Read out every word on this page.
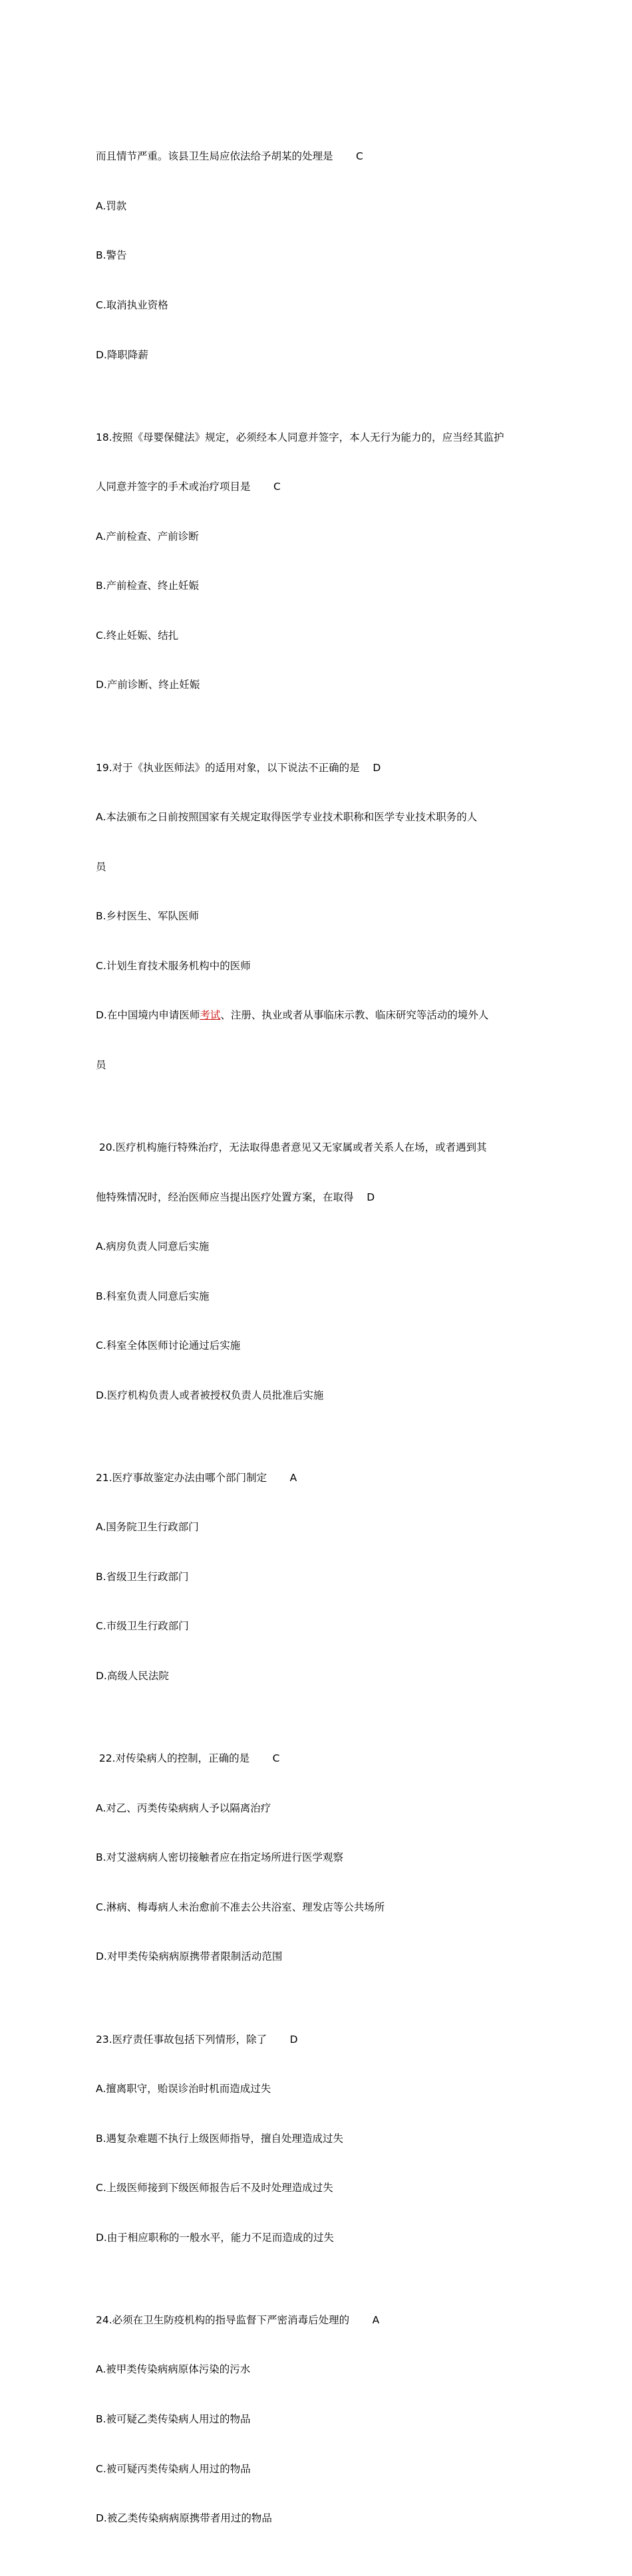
而且情节严重。该县卫生局应依法给予胡某的处理是 C

A.罚款

B.警告

C.取消执业资格

D.降职降薪

18.按照《母婴保健法》规定，必须经本人同意并签字，本人无行为能力的，应当经其监护

人同意并签字的手术或治疗项目是 C

A.产前检查、产前诊断

B.产前检查、终止妊娠

C.终止妊娠、结扎

D.产前诊断、终止妊娠

19.对于《执业医师法》的适用对象，以下说法不正确的是 D

A.本法颁布之日前按照国家有关规定取得医学专业技术职称和医学专业技术职务的人

员

B.乡村医生、军队医师

C.计划生育技术服务机构中的医师

D.在中国境内申请医师考试、注册、执业或者从事临床示教、临床研究等活动的境外人

员

20.医疗机构施行特殊治疗，无法取得患者意见又无家属或者关系人在场，或者遇到其

他特殊情况时，经治医师应当提出医疗处置方案，在取得 D

A.病房负责人同意后实施

B.科室负责人同意后实施

C.科室全体医师讨论通过后实施

D.医疗机构负责人或者被授权负责人员批准后实施

21.医疗事故鉴定办法由哪个部门制定 A

A.国务院卫生行政部门

B.省级卫生行政部门

C.市级卫生行政部门

D.高级人民法院

22.对传染病人的控制，正确的是 C

A.对乙、丙类传染病病人予以隔离治疗

B.对艾滋病病人密切接触者应在指定场所进行医学观察

C.淋病、梅毒病人未治愈前不准去公共浴室、理发店等公共场所

D.对甲类传染病病原携带者限制活动范围

23.医疗责任事故包括下列情形，除了 D

A.擅离职守，贻误诊治时机而造成过失

B.遇复杂难题不执行上级医师指导，擅自处理造成过失

C.上级医师接到下级医师报告后不及时处理造成过失

D.由于相应职称的一般水平，能力不足而造成的过失

24.必须在卫生防疫机构的指导监督下严密消毒后处理的 A

A.被甲类传染病病原体污染的污水

B.被可疑乙类传染病人用过的物品

C.被可疑丙类传染病人用过的物品

D.被乙类传染病病原携带者用过的物品
